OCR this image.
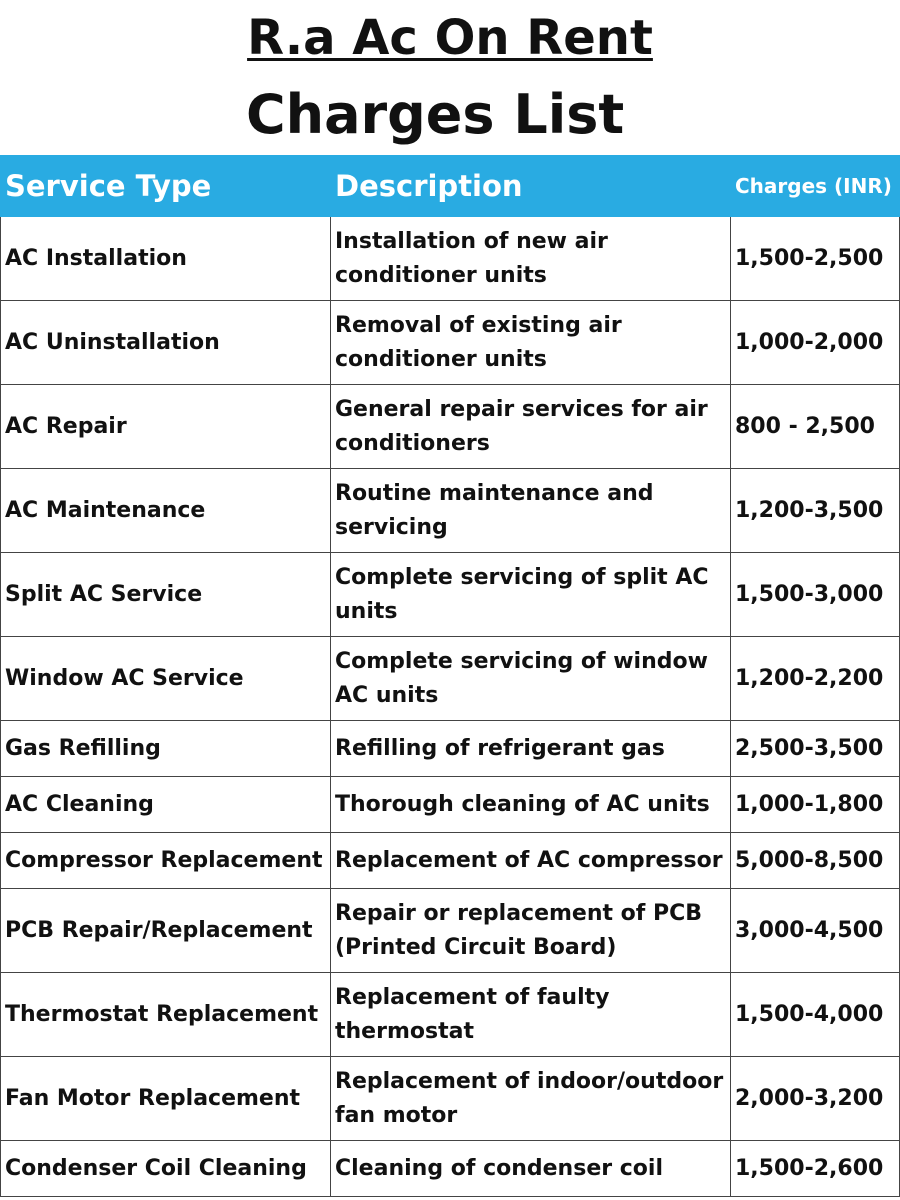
R.a Ac On Rent
Charges List
Service Type	Description	Charges (INR)
AC Installation	Installation of new air conditioner units	1,500-2,500
AC Uninstallation	Removal of existing air conditioner units	1,000-2,000
AC Repair	General repair services for air conditioners	800 - 2,500
AC Maintenance	Routine maintenance and servicing	1,200-3,500
Split AC Service	Complete servicing of split AC units	1,500-3,000
Window AC Service	Complete servicing of window AC units	1,200-2,200
Gas Refilling	Refilling of refrigerant gas	2,500-3,500
AC Cleaning	Thorough cleaning of AC units	1,000-1,800
Compressor Replacement	Replacement of AC compressor	5,000-8,500
PCB Repair/Replacement	Repair or replacement of PCB (Printed Circuit Board)	3,000-4,500
Thermostat Replacement	Replacement of faulty thermostat	1,500-4,000
Fan Motor Replacement	Replacement of indoor/outdoor fan motor	2,000-3,200
Condenser Coil Cleaning	Cleaning of condenser coil	1,500-2,600
